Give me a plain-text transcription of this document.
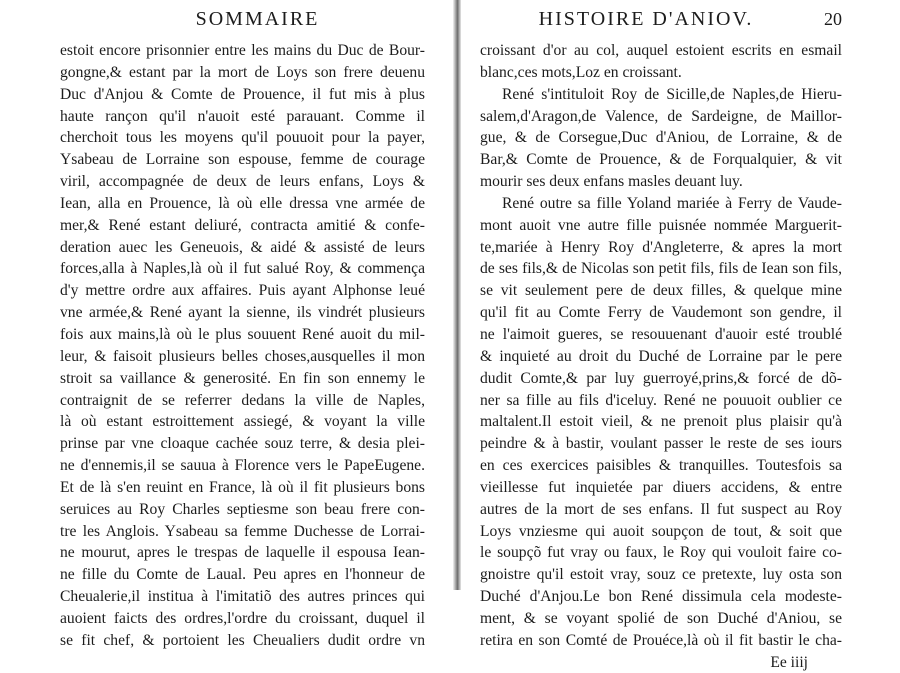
SOMMAIRE
estoit encore prisonnier entre les mains du Duc de Bour-
gongne,& estant par la mort de Loys son frere deuenu
Duc d'Anjou & Comte de Prouence, il fut mis à plus
haute rançon qu'il n'auoit esté parauant. Comme il
cherchoit tous les moyens qu'il pouuoit pour la payer,
Ysabeau de Lorraine son espouse, femme de courage
viril, accompagnée de deux de leurs enfans, Loys &
Iean, alla en Prouence, là où elle dressa vne armée de
mer,& René estant deliuré, contracta amitié & confe-
deration auec les Geneuois, & aidé & assisté de leurs
forces,alla à Naples,là où il fut salué Roy, & commença
d'y mettre ordre aux affaires. Puis ayant Alphonse leué
vne armée,& René ayant la sienne, ils vindrét plusieurs
fois aux mains,là où le plus souuent René auoit du mil-
leur, & faisoit plusieurs belles choses,ausquelles il mon
stroit sa vaillance & generosité. En fin son ennemy le
contraignit de se referrer dedans la ville de Naples,
là où estant estroittement assiegé, & voyant la ville
prinse par vne cloaque cachée souz terre, & desia plei-
ne d'ennemis,il se sauua à Florence vers le PapeEugene.
Et de là s'en reuint en France, là où il fit plusieurs bons
seruices au Roy Charles septiesme son beau frere con-
tre les Anglois. Ysabeau sa femme Duchesse de Lorrai-
ne mourut, apres le trespas de laquelle il espousa Iean-
ne fille du Comte de Laual. Peu apres en l'honneur de
Cheualerie,il institua à l'imitatiõ des autres princes qui
auoient faicts des ordres,l'ordre du croissant, duquel il
se fit chef, & portoient les Cheualiers dudit ordre vn
HISTOIRE D'ANIOV.	20
croissant d'or au col, auquel estoient escrits en esmail
blanc,ces mots,Loz en croissant.
René s'intituloit Roy de Sicille,de Naples,de Hieru-
salem,d'Aragon,de Valence, de Sardeigne, de Maillor-
gue, & de Corsegue,Duc d'Aniou, de Lorraine, & de
Bar,& Comte de Prouence, & de Forqualquier, & vit
mourir ses deux enfans masles deuant luy.
René outre sa fille Yoland mariée à Ferry de Vaude-
mont auoit vne autre fille puisnée nommée Marguerit-
te,mariée à Henry Roy d'Angleterre, & apres la mort
de ses fils,& de Nicolas son petit fils, fils de Iean son fils,
se vit seulement pere de deux filles, & quelque mine
qu'il fit au Comte Ferry de Vaudemont son gendre, il
ne l'aimoit gueres, se resouuenant d'auoir esté troublé
& inquieté au droit du Duché de Lorraine par le pere
dudit Comte,& par luy guerroyé,prins,& forcé de dõ-
ner sa fille au fils d'iceluy. René ne pouuoit oublier ce
maltalent.Il estoit vieil, & ne prenoit plus plaisir qu'à
peindre & à bastir, voulant passer le reste de ses iours
en ces exercices paisibles & tranquilles. Toutesfois sa
vieillesse fut inquietée par diuers accidens, & entre
autres de la mort de ses enfans. Il fut suspect au Roy
Loys vnziesme qui auoit soupçon de tout, & soit que
le soupçõ fut vray ou faux, le Roy qui vouloit faire co-
gnoistre qu'il estoit vray, souz ce pretexte, luy osta son
Duché d'Anjou.Le bon René dissimula cela modeste-
ment, & se voyant spolié de son Duché d'Aniou, se
retira en son Comté de Prouéce,là où il fit bastir le cha-
Ee iiij
